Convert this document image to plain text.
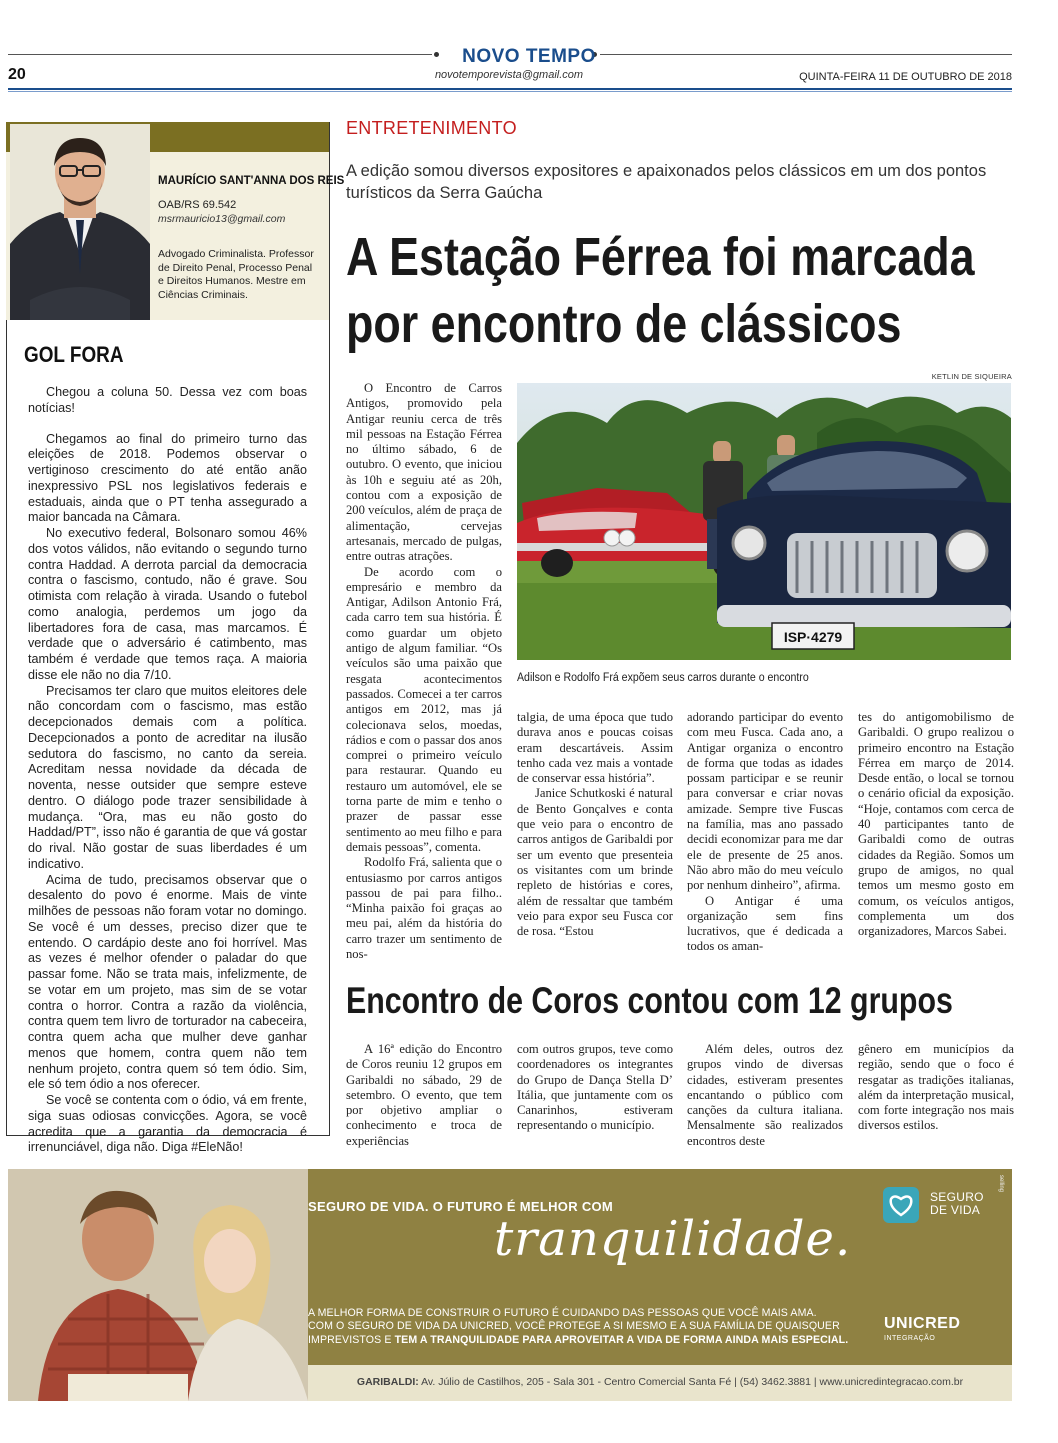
NOVO TEMPO
novotemporevista@gmail.com
20	QUINTA-FEIRA 11 DE OUTUBRO DE 2018
MAURÍCIO SANT'ANNA DOS REIS
OAB/RS 69.542
msrmauricio13@gmail.com
Advogado Criminalista. Professor de Direito Penal, Processo Penal e Direitos Humanos. Mestre em Ciências Criminais.
GOL FORA

Chegou a coluna 50. Dessa vez com boas notícias!

Chegamos ao final do primeiro turno das eleições de 2018. Podemos observar o vertiginoso crescimento do até então anão inexpressivo PSL nos legislativos federais e estaduais, ainda que o PT tenha assegurado a maior bancada na Câmara.

No executivo federal, Bolsonaro somou 46% dos votos válidos, não evitando o segundo turno contra Haddad. A derrota parcial da democracia contra o fascismo, contudo, não é grave. Sou otimista com relação à virada. Usando o futebol como analogia, perdemos um jogo da libertadores fora de casa, mas marcamos. É verdade que o adversário é catimbento, mas também é verdade que temos raça. A maioria disse ele não no dia 7/10.

Precisamos ter claro que muitos eleitores dele não concordam com o fascismo, mas estão decepcionados demais com a política. Decepcionados a ponto de acreditar na ilusão sedutora do fascismo, no canto da sereia. Acreditam nessa novidade da década de noventa, nesse outsider que sempre esteve dentro. O diálogo pode trazer sensibilidade à mudança. “Ora, mas eu não gosto do Haddad/PT”, isso não é garantia de que vá gostar do rival. Não gostar de suas liberdades é um indicativo.

Acima de tudo, precisamos observar que o desalento do povo é enorme. Mais de vinte milhões de pessoas não foram votar no domingo. Se você é um desses, preciso dizer que te entendo. O cardápio deste ano foi horrível. Mas as vezes é melhor ofender o paladar do que passar fome. Não se trata mais, infelizmente, de se votar em um projeto, mas sim de se votar contra o horror. Contra a razão da violência, contra quem tem livro de torturador na cabeceira, contra quem acha que mulher deve ganhar menos que homem, contra quem não tem nenhum projeto, contra quem só tem ódio. Sim, ele só tem ódio a nos oferecer.

Se você se contenta com o ódio, vá em frente, siga suas odiosas convicções. Agora, se você acredita que a garantia da democracia é irrenunciável, diga não. Diga #EleNão!

ENTRETENIMENTO
A edição somou diversos expositores e apaixonados pelos clássicos em um dos pontos turísticos da Serra Gaúcha
A Estação Férrea foi marcada
por encontro de clássicos
KETLIN DE SIQUEIRA
ISP·4279
Adilson e Rodolfo Frá expõem seus carros durante o encontro

O Encontro de Carros Antigos, promovido pela Antigar reuniu cerca de três mil pessoas na Estação Férrea no último sábado, 6 de outubro. O evento, que iniciou às 10h e seguiu até as 20h, contou com a exposição de 200 veículos, além de praça de alimentação, cervejas artesanais, mercado de pulgas, entre outras atrações.

De acordo com o empresário e membro da Antigar, Adilson Antonio Frá, cada carro tem sua história. É como guardar um objeto antigo de algum familiar. “Os veículos são uma paixão que resgata acontecimentos passados. Comecei a ter carros antigos em 2012, mas já colecionava selos, moedas, rádios e com o passar dos anos comprei o primeiro veículo para restaurar. Quando eu restauro um automóvel, ele se torna parte de mim e tenho o prazer de passar esse sentimento ao meu filho e para demais pessoas”, comenta.

Rodolfo Frá, salienta que o entusiasmo por carros antigos passou de pai para filho.. “Minha paixão foi graças ao meu pai, além da história do carro trazer um sentimento de nos-

talgia, de uma época que tudo durava anos e poucas coisas eram descartáveis. Assim tenho cada vez mais a vontade de conservar essa história”.

Janice Schutkoski é natural de Bento Gonçalves e conta que veio para o encontro de carros antigos de Garibaldi por ser um evento que presenteia os visitantes com um brinde repleto de histórias e cores, além de ressaltar que também veio para expor seu Fusca cor de rosa. “Estou

adorando participar do evento com meu Fusca. Cada ano, a Antigar organiza o encontro de forma que todas as idades possam participar e se reunir para conversar e criar novas amizade. Sempre tive Fuscas na família, mas ano passado decidi economizar para me dar ele de presente de 25 anos. Não abro mão do meu veículo por nenhum dinheiro”, afirma.

O Antigar é uma organização sem fins lucrativos, que é dedicada a todos os aman-

tes do antigomobilismo de Garibaldi. O grupo realizou o primeiro encontro na Estação Férrea em março de 2014. Desde então, o local se tornou o cenário oficial da exposição. “Hoje, contamos com cerca de 40 participantes tanto de Garibaldi como de outras cidades da Região. Somos um grupo de amigos, no qual temos um mesmo gosto em comum, os veículos antigos, complementa um dos organizadores, Marcos Sabei.

Encontro de Coros contou com 12 grupos

A 16ª edição do Encontro de Coros reuniu 12 grupos em Garibaldi no sábado, 29 de setembro. O evento, que tem por objetivo ampliar o conhecimento e troca de experiências

com outros grupos, teve como coordenadores os integrantes do Grupo de Dança Stella D’ Itália, que juntamente com os Canarinhos, estiveram representando o município.

Além deles, outros dez grupos vindo de diversas cidades, estiveram presentes encantando o público com canções da cultura italiana. Mensalmente são realizados encontros deste

gênero em municípios da região, sendo que o foco é resgatar as tradições italianas, além da interpretação musical, com forte integração nos mais diversos estilos.

SEGURO DE VIDA. O FUTURO É MELHOR COM
tranquilidade.
SEGURO
DE VIDA
A MELHOR FORMA DE CONSTRUIR O FUTURO É CUIDANDO DAS PESSOAS QUE VOCÊ MAIS AMA.
COM O SEGURO DE VIDA DA UNICRED, VOCÊ PROTEGE A SI MESMO E A SUA FAMÍLIA DE QUAISQUER
IMPREVISTOS E TEM A TRANQUILIDADE PARA APROVEITAR A VIDA DE FORMA AINDA MAIS ESPECIAL.
UNICRED
INTEGRAÇÃO
GARIBALDI: Av. Júlio de Castilhos, 205 - Sala 301 - Centro Comercial Santa Fé | (54) 3462.3881 | www.unicredintegracao.com.br
selling
